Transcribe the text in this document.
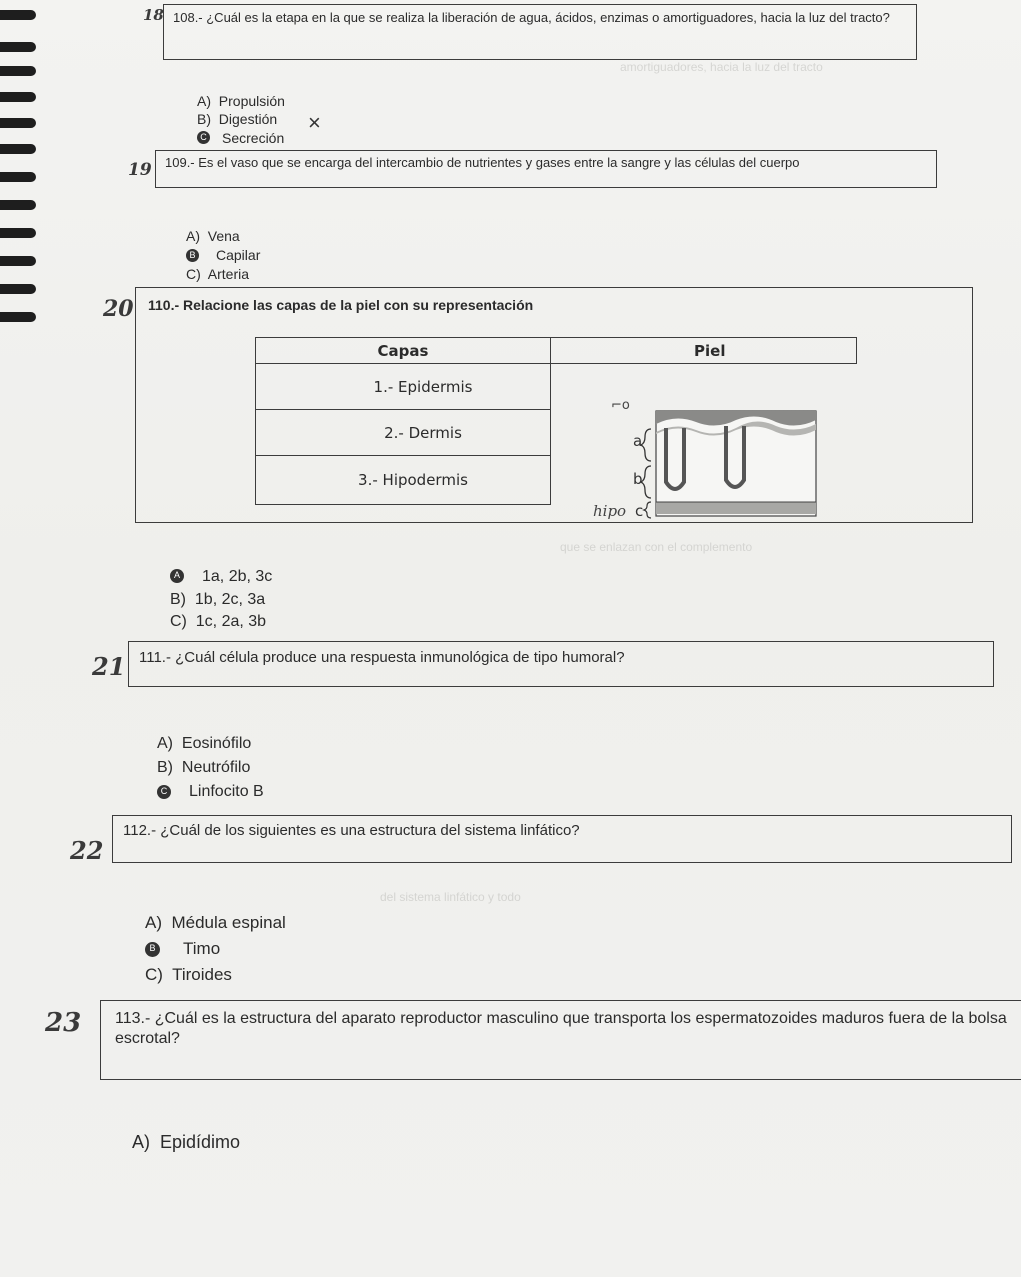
amortiguadores, hacia la luz del tracto
que se enlazan con el complemento
del sistema linfático y todo
18 108.- ¿Cuál es la etapa en la que se realiza la liberación de agua, ácidos, enzimas o amortiguadores, hacia la luz del tracto?
A) Propulsión
B) Digestión ×
C Secreción
19	109.- Es el vaso que se encarga del intercambio de nutrientes y gases entre la sangre y las células del cuerpo
A) Vena
B Capilar
C) Arteria
20	110.- Relacione las capas de la piel con su representación
Capas	Piel
1.- Epidermis	⌐o
a
b
hipo c

2.- Dermis	
3.- Hipodermis	
A 1a, 2b, 3c
B) 1b, 2c, 3a
C) 1c, 2a, 3b
21 111.- ¿Cuál célula produce una respuesta inmunológica de tipo humoral?
A) Eosinófilo
B) Neutrófilo
C Linfocito B
22
112.- ¿Cuál de los siguientes es una estructura del sistema linfático?
A) Médula espinal
B Timo
C) Tiroides
23	113.- ¿Cuál es la estructura del aparato reproductor masculino que transporta los espermatozoides maduros fuera de la bolsa escrotal?
A) Epidídimo
